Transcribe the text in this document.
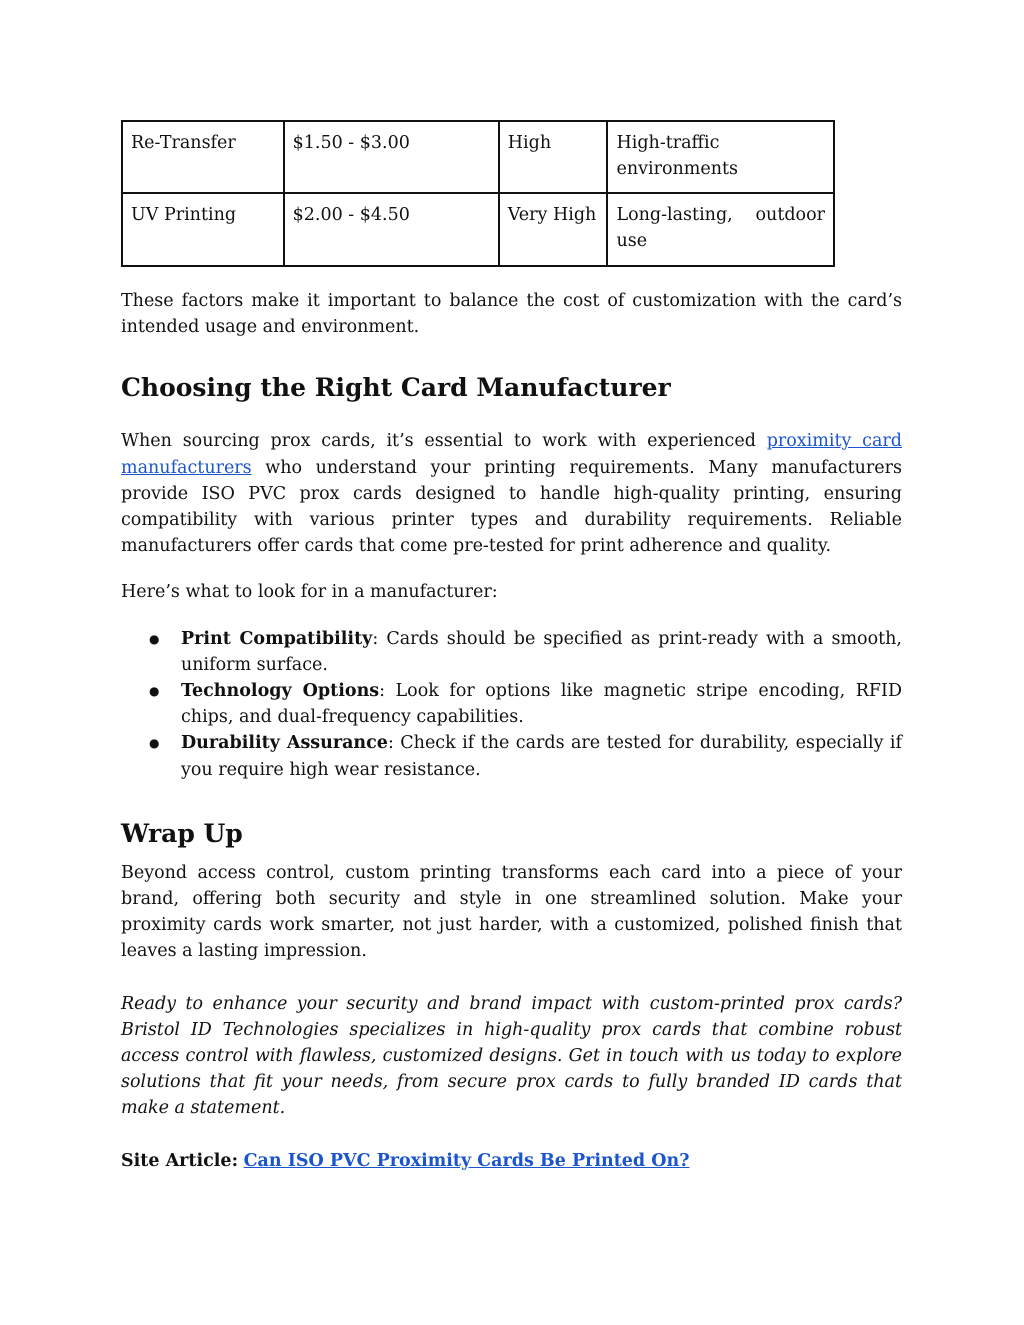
Re-Transfer	$1.50 - $3.00	High	High-traffic environments
UV Printing	$2.00 - $4.50	Very High	Long-lasting, outdoor use

These factors make it important to balance the cost of customization with the card’s intended usage and environment.

Choosing the Right Card Manufacturer

When sourcing prox cards, it’s essential to work with experienced proximity card manufacturers who understand your printing requirements. Many manufacturers provide ISO PVC prox cards designed to handle high-quality printing, ensuring compatibility with various printer types and durability requirements. Reliable manufacturers offer cards that come pre-tested for print adherence and quality.

Here’s what to look for in a manufacturer:

● Print Compatibility: Cards should be specified as print-ready with a smooth, uniform surface.
● Technology Options: Look for options like magnetic stripe encoding, RFID chips, and dual-frequency capabilities.
● Durability Assurance: Check if the cards are tested for durability, especially if you require high wear resistance.
Wrap Up

Beyond access control, custom printing transforms each card into a piece of your brand, offering both security and style in one streamlined solution. Make your proximity cards work smarter, not just harder, with a customized, polished finish that leaves a lasting impression.

Ready to enhance your security and brand impact with custom-printed prox cards? Bristol ID Technologies specializes in high-quality prox cards that combine robust access control with flawless, customized designs. Get in touch with us today to explore solutions that fit your needs, from secure prox cards to fully branded ID cards that make a statement.

Site Article: Can ISO PVC Proximity Cards Be Printed On?
